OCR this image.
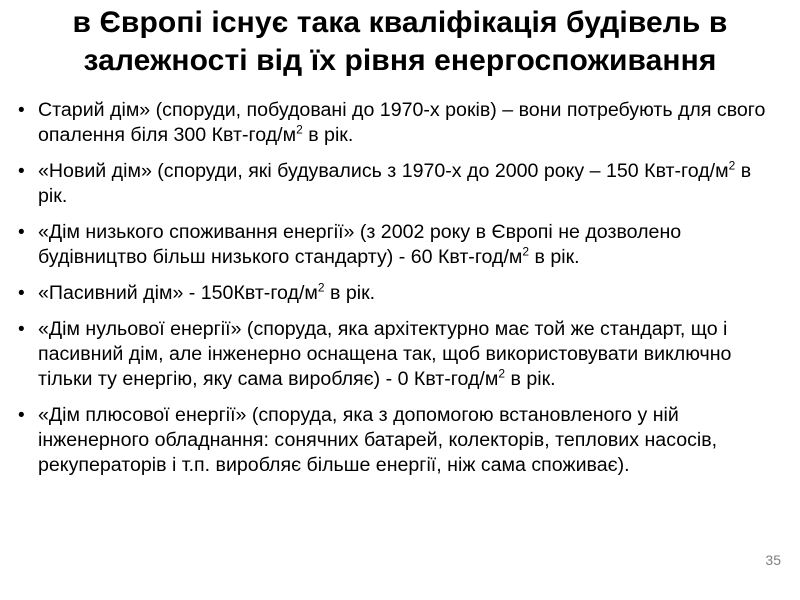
в Європі існує така кваліфікація будівель в
залежності від їх рівня енергоспоживання
• Старий дім» (споруди, побудовані до 1970-х років) – вони потребують для свого опалення біля 300 Квт-$год/м^2$ в рік.
• «Новий дім» (споруди, які будувались з 1970-х до 2000 року – 150 Квт-$год/м^2$ в рік.
• «Дім низького споживання енергії» (з 2002 року в Європі не дозволено будівництво більш низького стандарту) - 60 Квт-$год/м^2$ в рік.
• «Пасивний дім» - $150Квт-год/м^2$ в рік.
• «Дім нульової енергії» (споруда, яка архітектурно має той же стандарт, що і пасивний дім, але інженерно оснащена так, щоб використовувати виключно тільки ту енергію, яку сама виробляє) - 0 Квт-$год/м^2$ в рік.
• «Дім плюсової енергії» (споруда, яка з допомогою встановленого у ній інженерного обладнання: сонячних батарей, колекторів, теплових насосів, рекуператорів і т.п. виробляє більше енергії, ніж сама споживає).
35
